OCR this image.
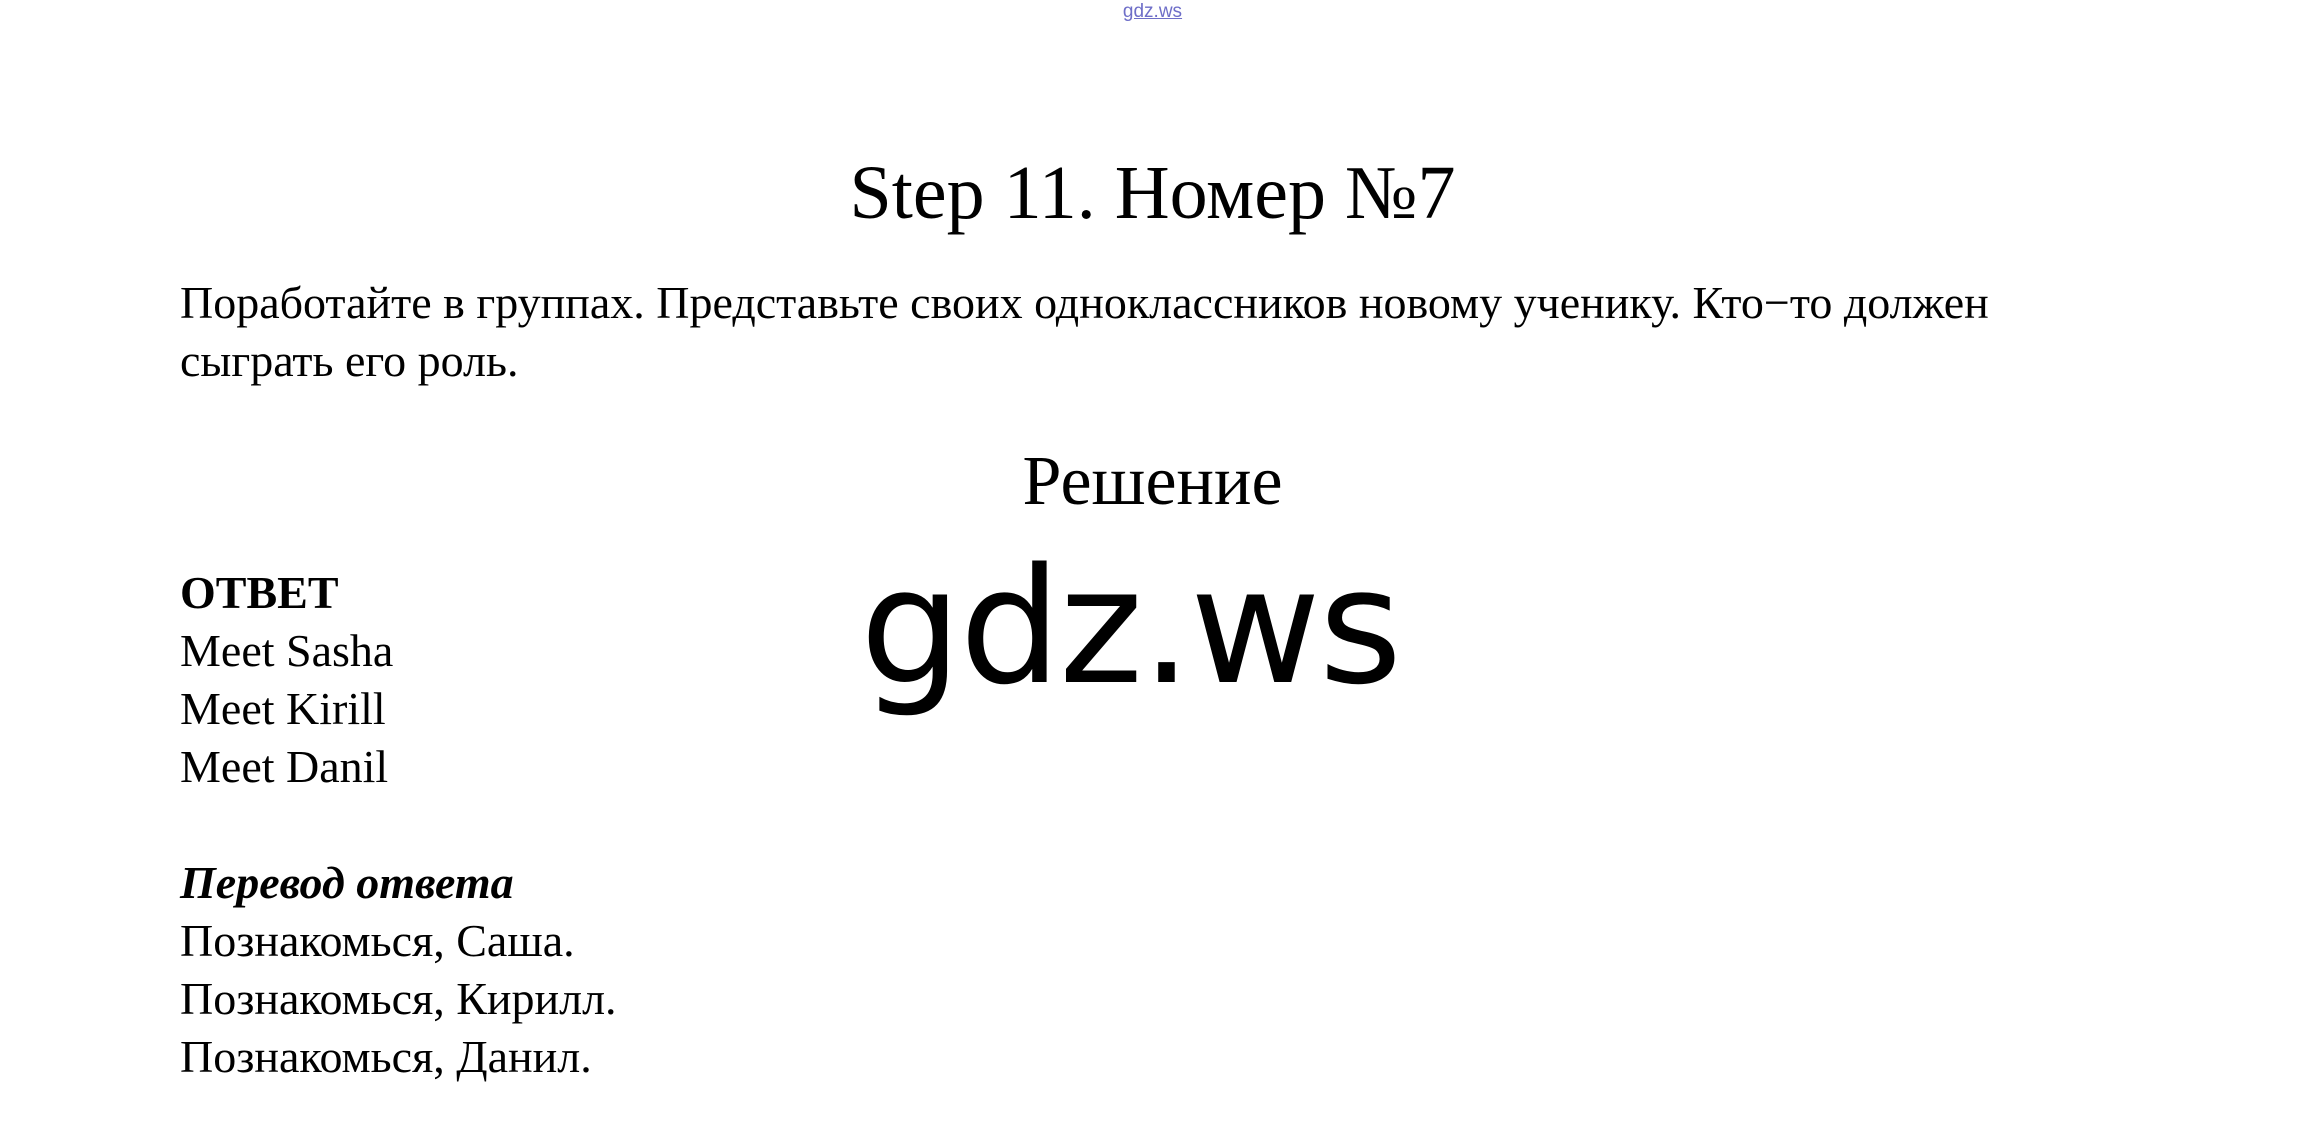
gdz.ws
Step 11. Номер №7

Поработайте в группах. Представьте своих одноклассников новому ученику. Кто−то должен сыграть его роль.

Решение
gdz.ws
ОТВЕТ
Meet Sasha
Meet Kirill
Meet Danil
Перевод ответа
Познакомься, Саша.
Познакомься, Кирилл.
Познакомься, Данил.
